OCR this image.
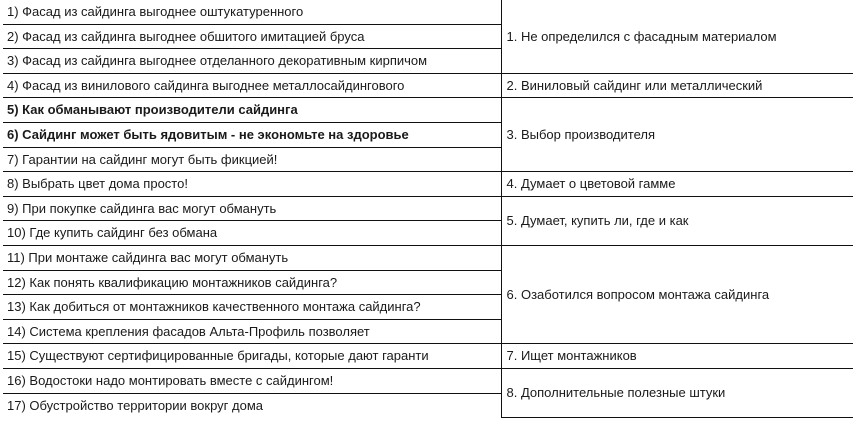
1) Фасад из сайдинга выгоднее оштукатуренного	1. Не определился с фасадным материалом
2) Фасад из сайдинга выгоднее обшитого имитацией бруса	
3) Фасад из сайдинга выгоднее отделанного декоративным кирпичом	
4) Фасад из винилового сайдинга выгоднее металлосайдингового	2. Виниловый сайдинг или металлический
5) Как обманывают производители сайдинга	3. Выбор производителя
6) Сайдинг может быть ядовитым - не экономьте на здоровье	
7) Гарантии на сайдинг могут быть фикцией!	
8) Выбрать цвет дома просто!	4. Думает о цветовой гамме
9) При покупке сайдинга вас могут обмануть	5. Думает, купить ли, где и как
10) Где купить сайдинг без обмана	
11) При монтаже сайдинга вас могут обмануть	6. Озаботился вопросом монтажа сайдинга
12) Как понять квалификацию монтажников сайдинга?	
13) Как добиться от монтажников качественного монтажа сайдинга?	
14) Система крепления фасадов Альта-Профиль позволяет	
15) Существуют сертифицированные бригады, которые дают гаранти	7. Ищет монтажников
16) Водостоки надо монтировать вместе с сайдингом!	8. Дополнительные полезные штуки
17) Обустройство территории вокруг дома	
